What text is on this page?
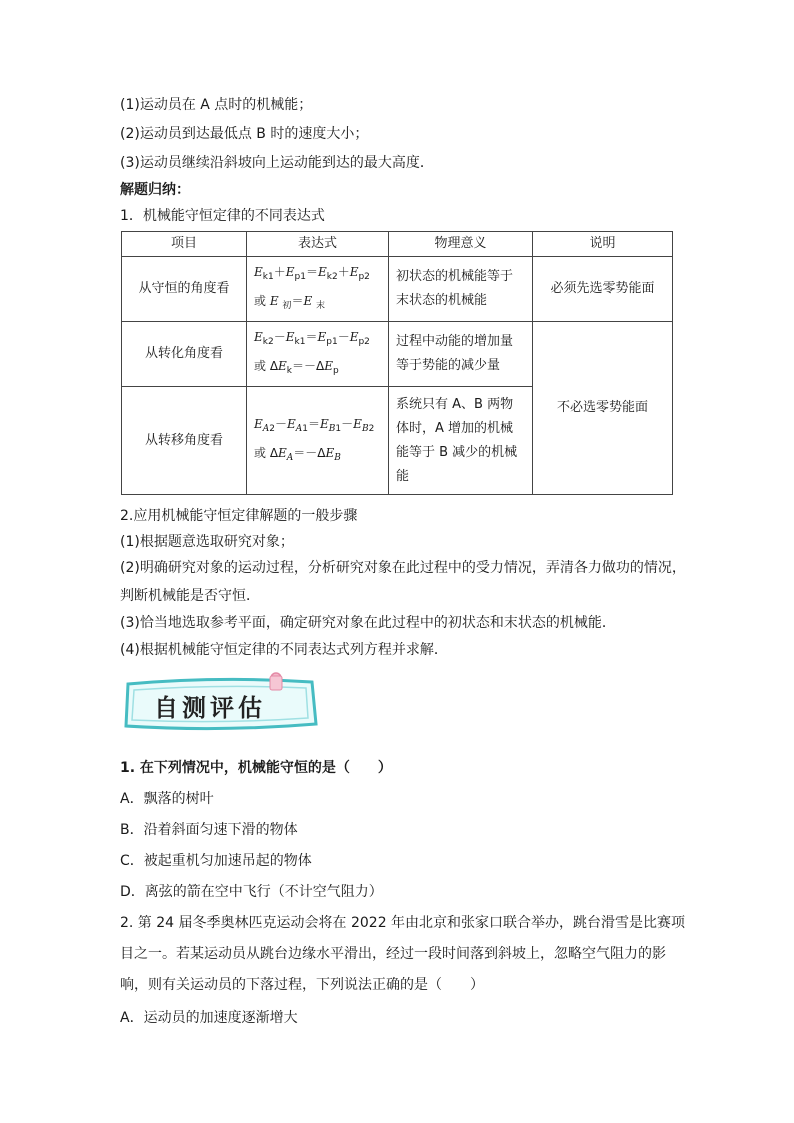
(1)运动员在 A 点时的机械能；
(2)运动员到达最低点 B 时的速度大小；
(3)运动员继续沿斜坡向上运动能到达的最大高度．
解题归纳：
1．机械能守恒定律的不同表达式
项目	表达式	物理意义	说明
从守恒的角度看	$E_{k1}+E_{p1}=E_{k2}+E_{p2}$
或 E $_初$＝E $_末$	初状态的机械能等于末状态的机械能	必须先选零势能面
从转化角度看	$E_{k2}-E_{k1}=E_{p1}-E_{p2}$
或 $\Delta E_k=-\Delta E_p$	过程中动能的增加量等于势能的减少量	不必选零势能面
从转移角度看	$E_{A2}-E_{A1}=E_{B1}-E_{B2}$
或 $\Delta E_A=-\Delta E_B$	系统只有 A、B 两物体时，A 增加的机械能等于 B 减少的机械能	
2.应用机械能守恒定律解题的一般步骤
(1)根据题意选取研究对象；
(2)明确研究对象的运动过程，分析研究对象在此过程中的受力情况，弄清各力做功的情况，
判断机械能是否守恒．
(3)恰当地选取参考平面，确定研究对象在此过程中的初状态和末状态的机械能．
(4)根据机械能守恒定律的不同表达式列方程并求解．
自测评估
1. 在下列情况中，机械能守恒的是（　　）
A．飘落的树叶
B．沿着斜面匀速下滑的物体
C．被起重机匀加速吊起的物体
D．离弦的箭在空中飞行（不计空气阻力）
2. 第 24 届冬季奥林匹克运动会将在 2022 年由北京和张家口联合举办，跳台滑雪是比赛项
目之一。若某运动员从跳台边缘水平滑出，经过一段时间落到斜坡上，忽略空气阻力的影
响，则有关运动员的下落过程，下列说法正确的是（　　）
A．运动员的加速度逐渐增大
